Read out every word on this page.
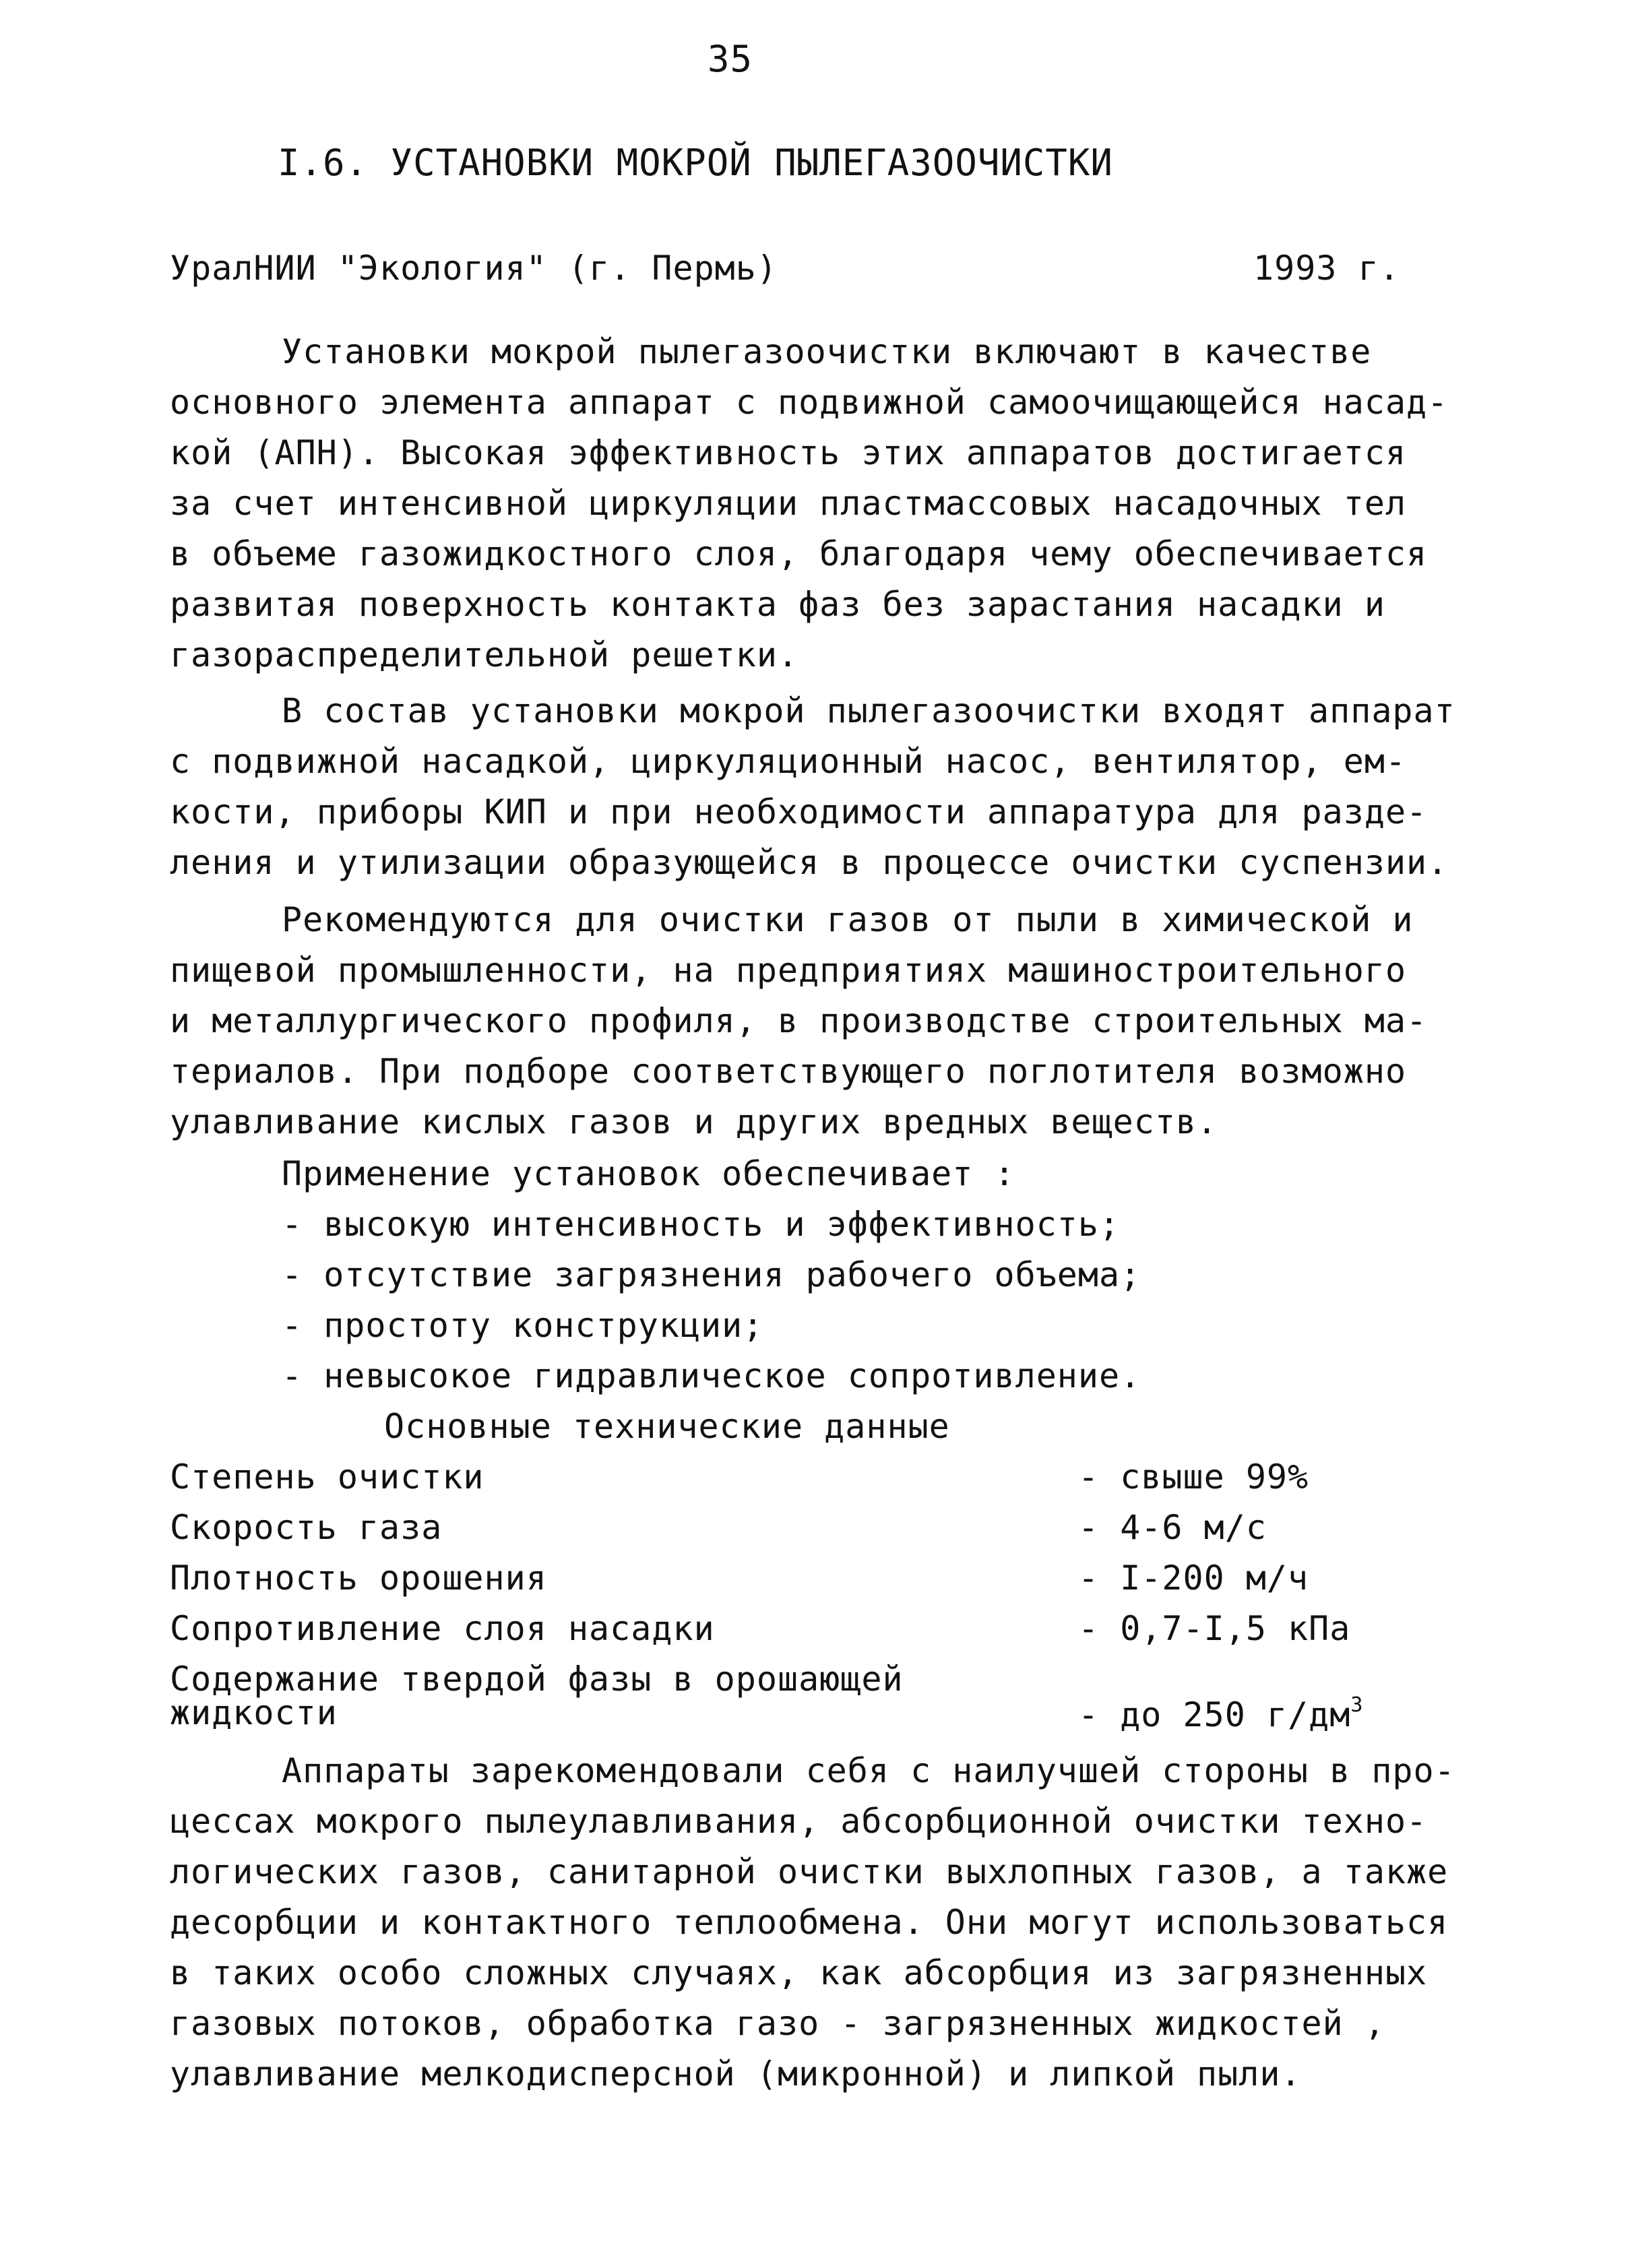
35
I.6. УСТАНОВКИ МОКРОЙ ПЫЛЕГАЗООЧИСТКИ
УралНИИ "Экология" (г. Пермь)	1993 г.
Установки мокрой пылегазоочистки включают в качестве
основного элемента аппарат с подвижной самоочищающейся насад-
кой (АПН). Высокая эффективность этих аппаратов достигается
за счет интенсивной циркуляции пластмассовых насадочных тел
в объеме газожидкостного слоя, благодаря чему обеспечивается
развитая поверхность контакта фаз без зарастания насадки и
газораспределительной решетки.
В состав установки мокрой пылегазоочистки входят аппарат
с подвижной насадкой, циркуляционный насос, вентилятор, ем-
кости, приборы КИП и при необходимости аппаратура для разде-
ления и утилизации образующейся в процессе очистки суспензии.
Рекомендуются для очистки газов от пыли в химической и
пищевой промышленности, на предприятиях машиностроительного
и металлургического профиля, в производстве строительных ма-
териалов. При подборе соответствующего поглотителя возможно
улавливание кислых газов и других вредных веществ.
Применение установок обеспечивает :
- высокую интенсивность и эффективность;
- отсутствие загрязнения рабочего объема;
- простоту конструкции;
- невысокое гидравлическое сопротивление.
Основные технические данные
Степень очистки	- свыше 99%
Скорость газа	- 4-6 м/с
Плотность орошения	- I-200 м/ч
Сопротивление слоя насадки	- 0,7-I,5 кПа
Содержание твердой фазы в орошающей
жидкости	- до 250 $г/дм^3$
Аппараты зарекомендовали себя с наилучшей стороны в про-
цессах мокрого пылеулавливания, абсорбционной очистки техно-
логических газов, санитарной очистки выхлопных газов, а также
десорбции и контактного теплообмена. Они могут использоваться
в таких особо сложных случаях, как абсорбция из загрязненных
газовых потоков, обработка газо - загрязненных жидкостей ,
улавливание мелкодисперсной (микронной) и липкой пыли.
